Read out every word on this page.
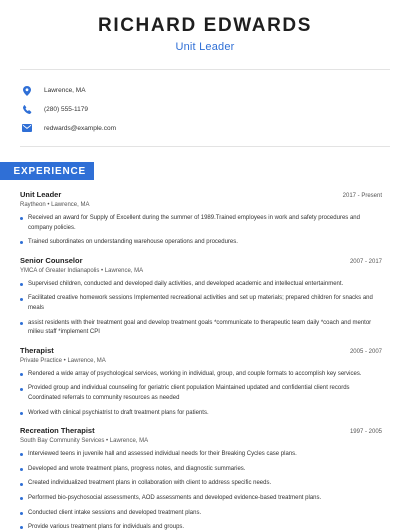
RICHARD EDWARDS
Unit Leader
Lawrence, MA
(280) 555-1179
redwards@example.com
EXPERIENCE
Unit Leader	2017 - Present
Raytheon • Lawrence, MA
Received an award for Supply of Excellent during the summer of 1989.Trained employees in work and safety procedures and company policies.
Trained subordinates on understanding warehouse operations and procedures.
Senior Counselor	2007 - 2017
YMCA of Greater Indianapolis • Lawrence, MA
Supervised children, conducted and developed daily activities, and developed academic and intellectual entertainment.
Facilitated creative homework sessions Implemented recreational activities and set up materials; prepared children for snacks and meals
assist residents with their treatment goal and develop treatment goals *communicate to therapeutic team daily *coach and mentor milieu staff *implement CPI
Therapist	2005 - 2007
Private Practice • Lawrence, MA
Rendered a wide array of psychological services, working in individual, group, and couple formats to accomplish key services.
Provided group and individual counseling for geriatric client population Maintained updated and confidential client records Coordinated referrals to community resources as needed
Worked with clinical psychiatrist to draft treatment plans for patients.
Recreation Therapist	1997 - 2005
South Bay Community Services • Lawrence, MA
Interviewed teens in juvenile hall and assessed individual needs for their Breaking Cycles case plans.
Developed and wrote treatment plans, progress notes, and diagnostic summaries.
Created individualized treatment plans in collaboration with client to address specific needs.
Performed bio-psychosocial assessments, AOD assessments and developed evidence-based treatment plans.
Conducted client intake sessions and developed treatment plans.
Provide various treatment plans for individuals and groups.
